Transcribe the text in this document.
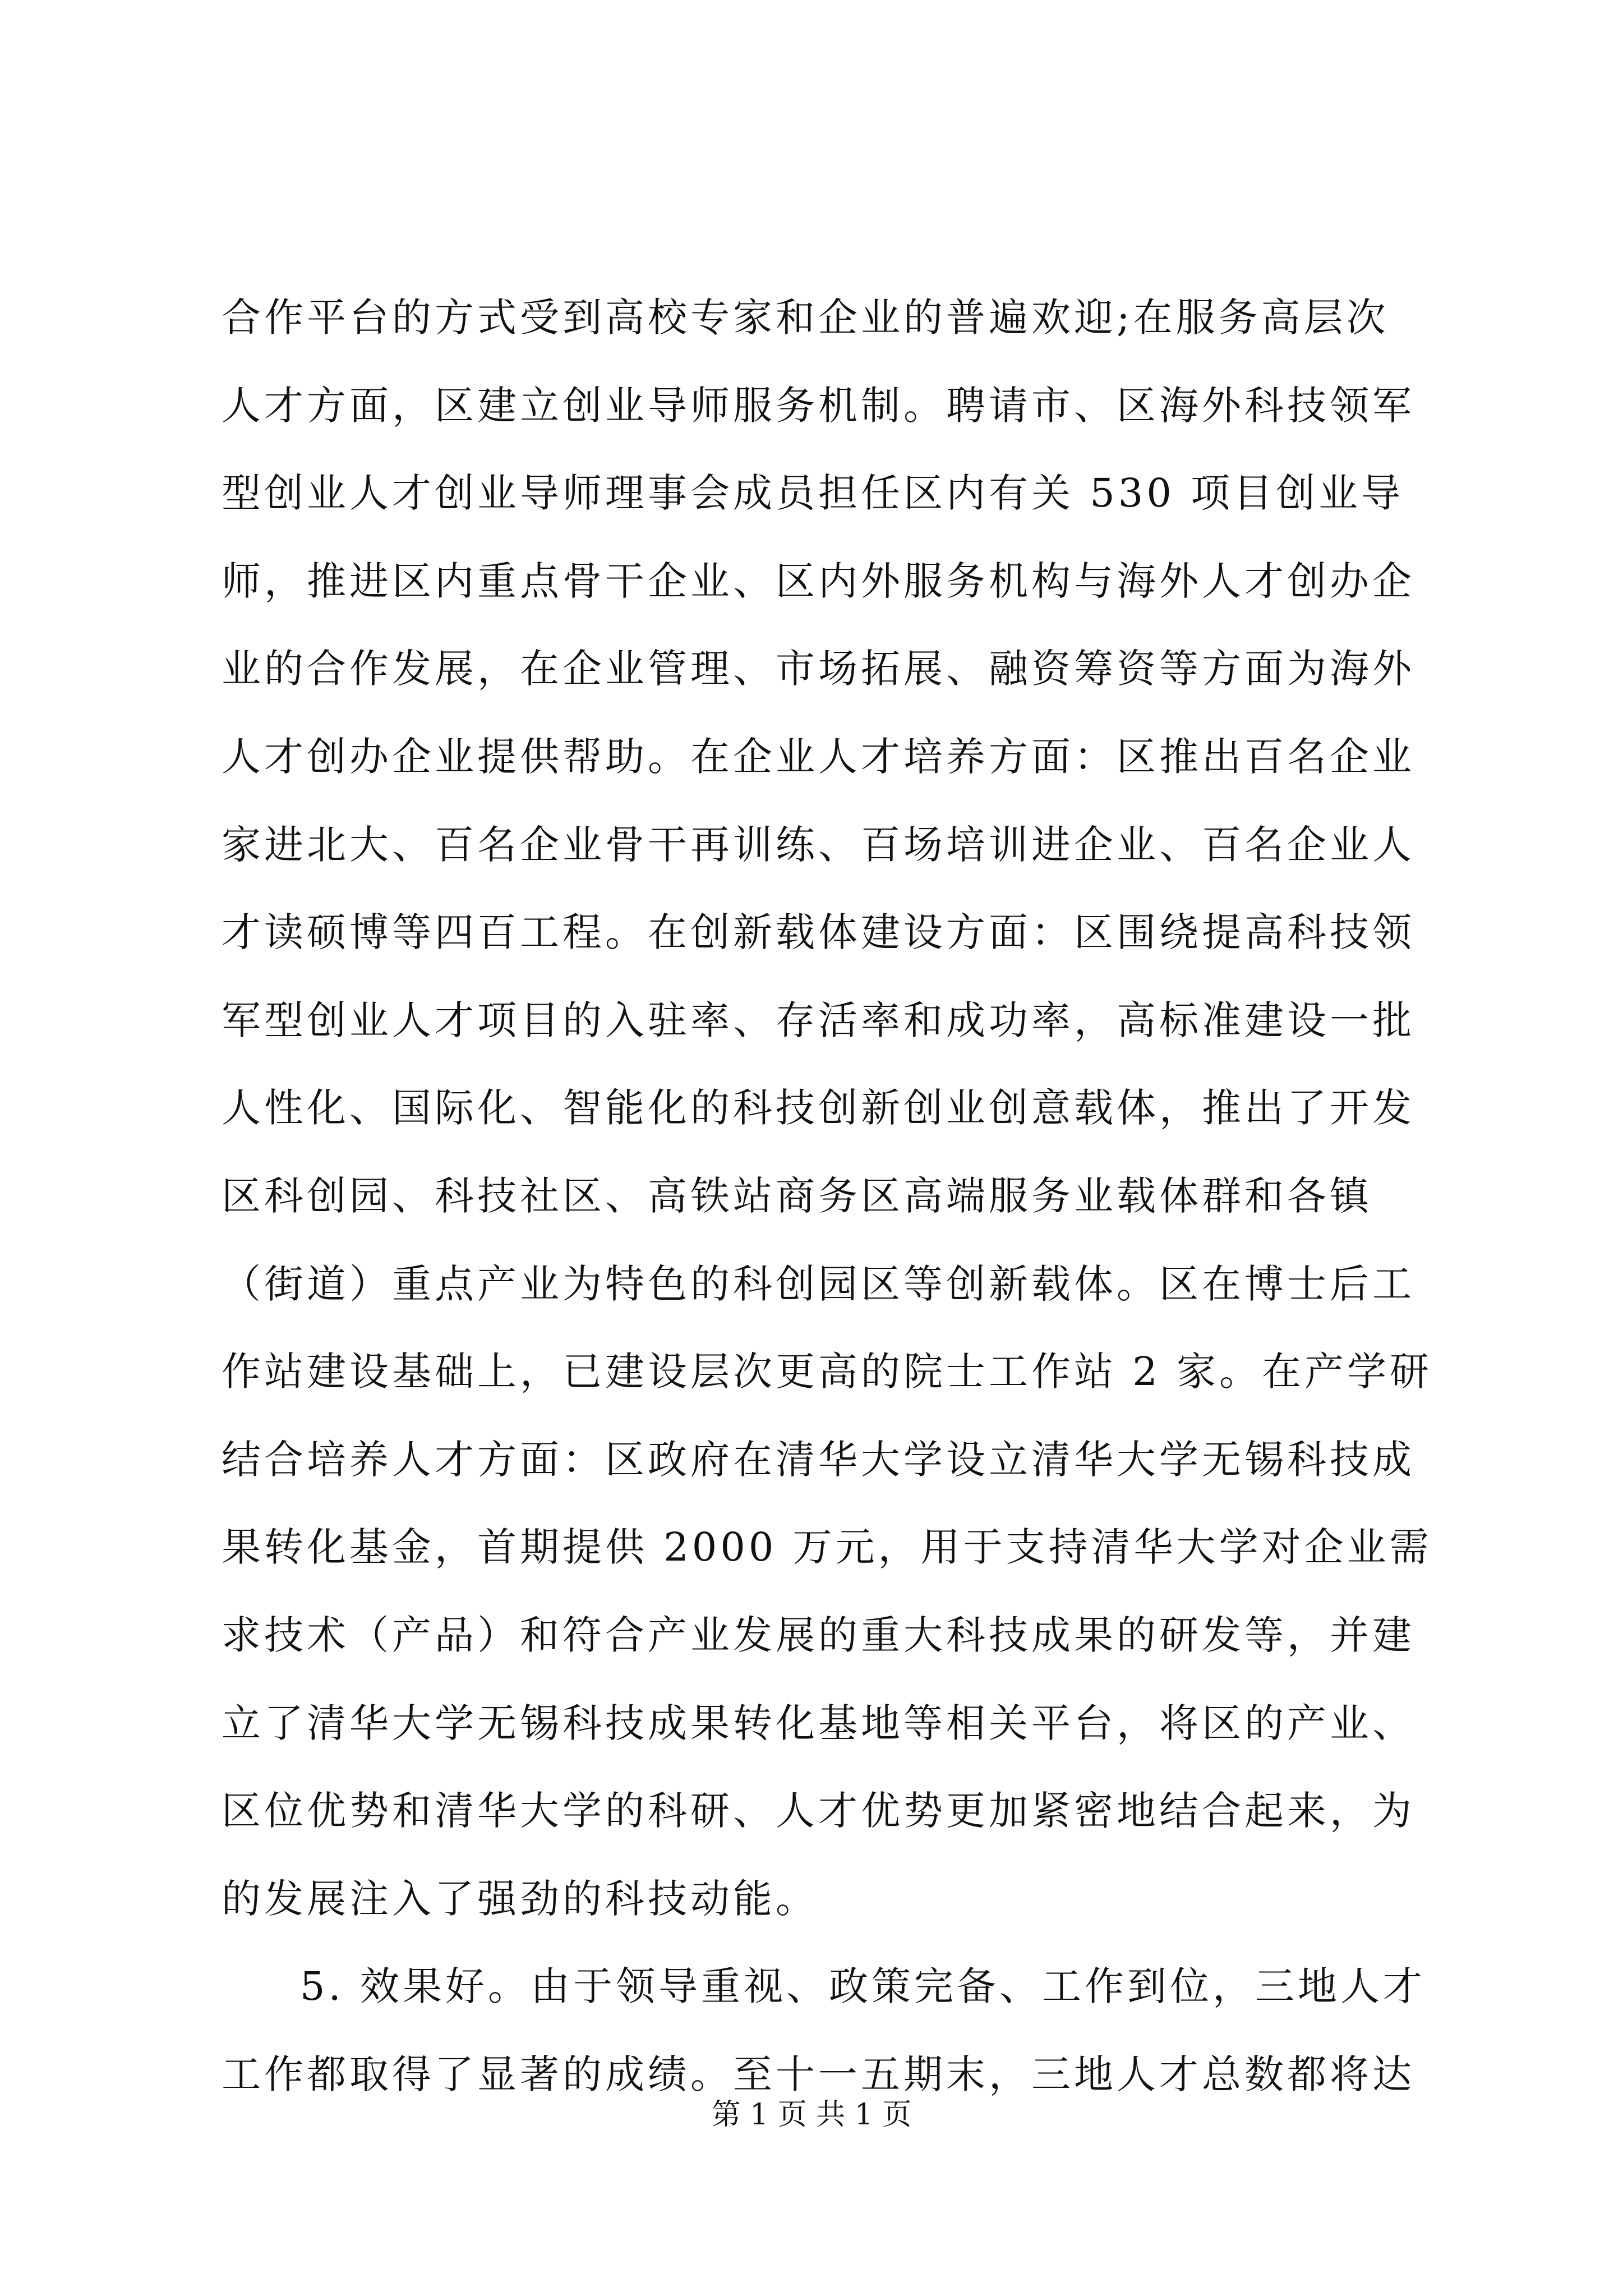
合作平台的方式受到高校专家和企业的普遍欢迎;在服务高层次
人才方面，区建立创业导师服务机制。聘请市、区海外科技领军
型创业人才创业导师理事会成员担任区内有关 530 项目创业导
师，推进区内重点骨干企业、区内外服务机构与海外人才创办企
业的合作发展，在企业管理、市场拓展、融资筹资等方面为海外
人才创办企业提供帮助。在企业人才培养方面：区推出百名企业
家进北大、百名企业骨干再训练、百场培训进企业、百名企业人
才读硕博等四百工程。在创新载体建设方面：区围绕提高科技领
军型创业人才项目的入驻率、存活率和成功率，高标准建设一批
人性化、国际化、智能化的科技创新创业创意载体，推出了开发
区科创园、科技社区、高铁站商务区高端服务业载体群和各镇
（街道）重点产业为特色的科创园区等创新载体。区在博士后工
作站建设基础上，已建设层次更高的院士工作站 2 家。在产学研
结合培养人才方面：区政府在清华大学设立清华大学无锡科技成
果转化基金，首期提供 2000 万元，用于支持清华大学对企业需
求技术（产品）和符合产业发展的重大科技成果的研发等，并建
立了清华大学无锡科技成果转化基地等相关平台，将区的产业、
区位优势和清华大学的科研、人才优势更加紧密地结合起来，为
的发展注入了强劲的科技动能。
5. 效果好。由于领导重视、政策完备、工作到位，三地人才
工作都取得了显著的成绩。至十一五期末，三地人才总数都将达
第 1 页 共 1 页
